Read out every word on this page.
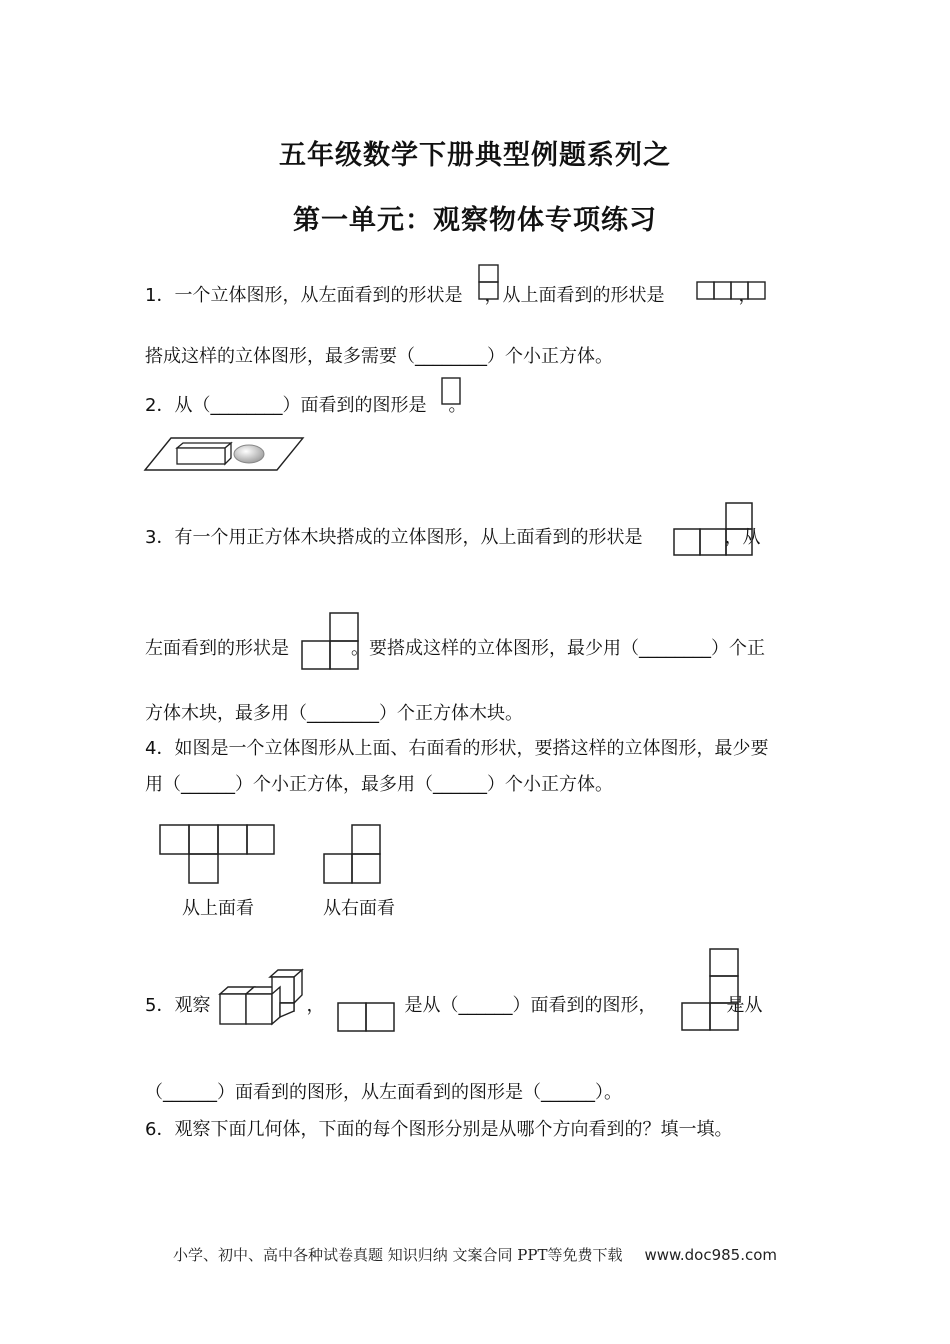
五年级数学下册典型例题系列之
第一单元：观察物体专项练习
1．一个立体图形，从左面看到的形状是 ，从上面看到的形状是	，
搭成这样的立体图形，最多需要（________）个小正方体。
2．从（________）面看到的图形是 。
3．有一个用正方体木块搭成的立体图形，从上面看到的形状是	，从
左面看到的形状是	。要搭成这样的立体图形，最少用（________）个正
方体木块，最多用（________）个正方体木块。
4．如图是一个立体图形从上面、右面看的形状，要搭这样的立体图形，最少要
用（______）个小正方体，最多用（______）个小正方体。
从上面看	从右面看
5．观察	，	是从（______）面看到的图形，	是从
（______）面看到的图形，从左面看到的图形是（______）。
6．观察下面几何体，下面的每个图形分别是从哪个方向看到的？填一填。
小学、初中、高中各种试卷真题 知识归纳 文案合同 PPT等免费下载 www.doc985.com
